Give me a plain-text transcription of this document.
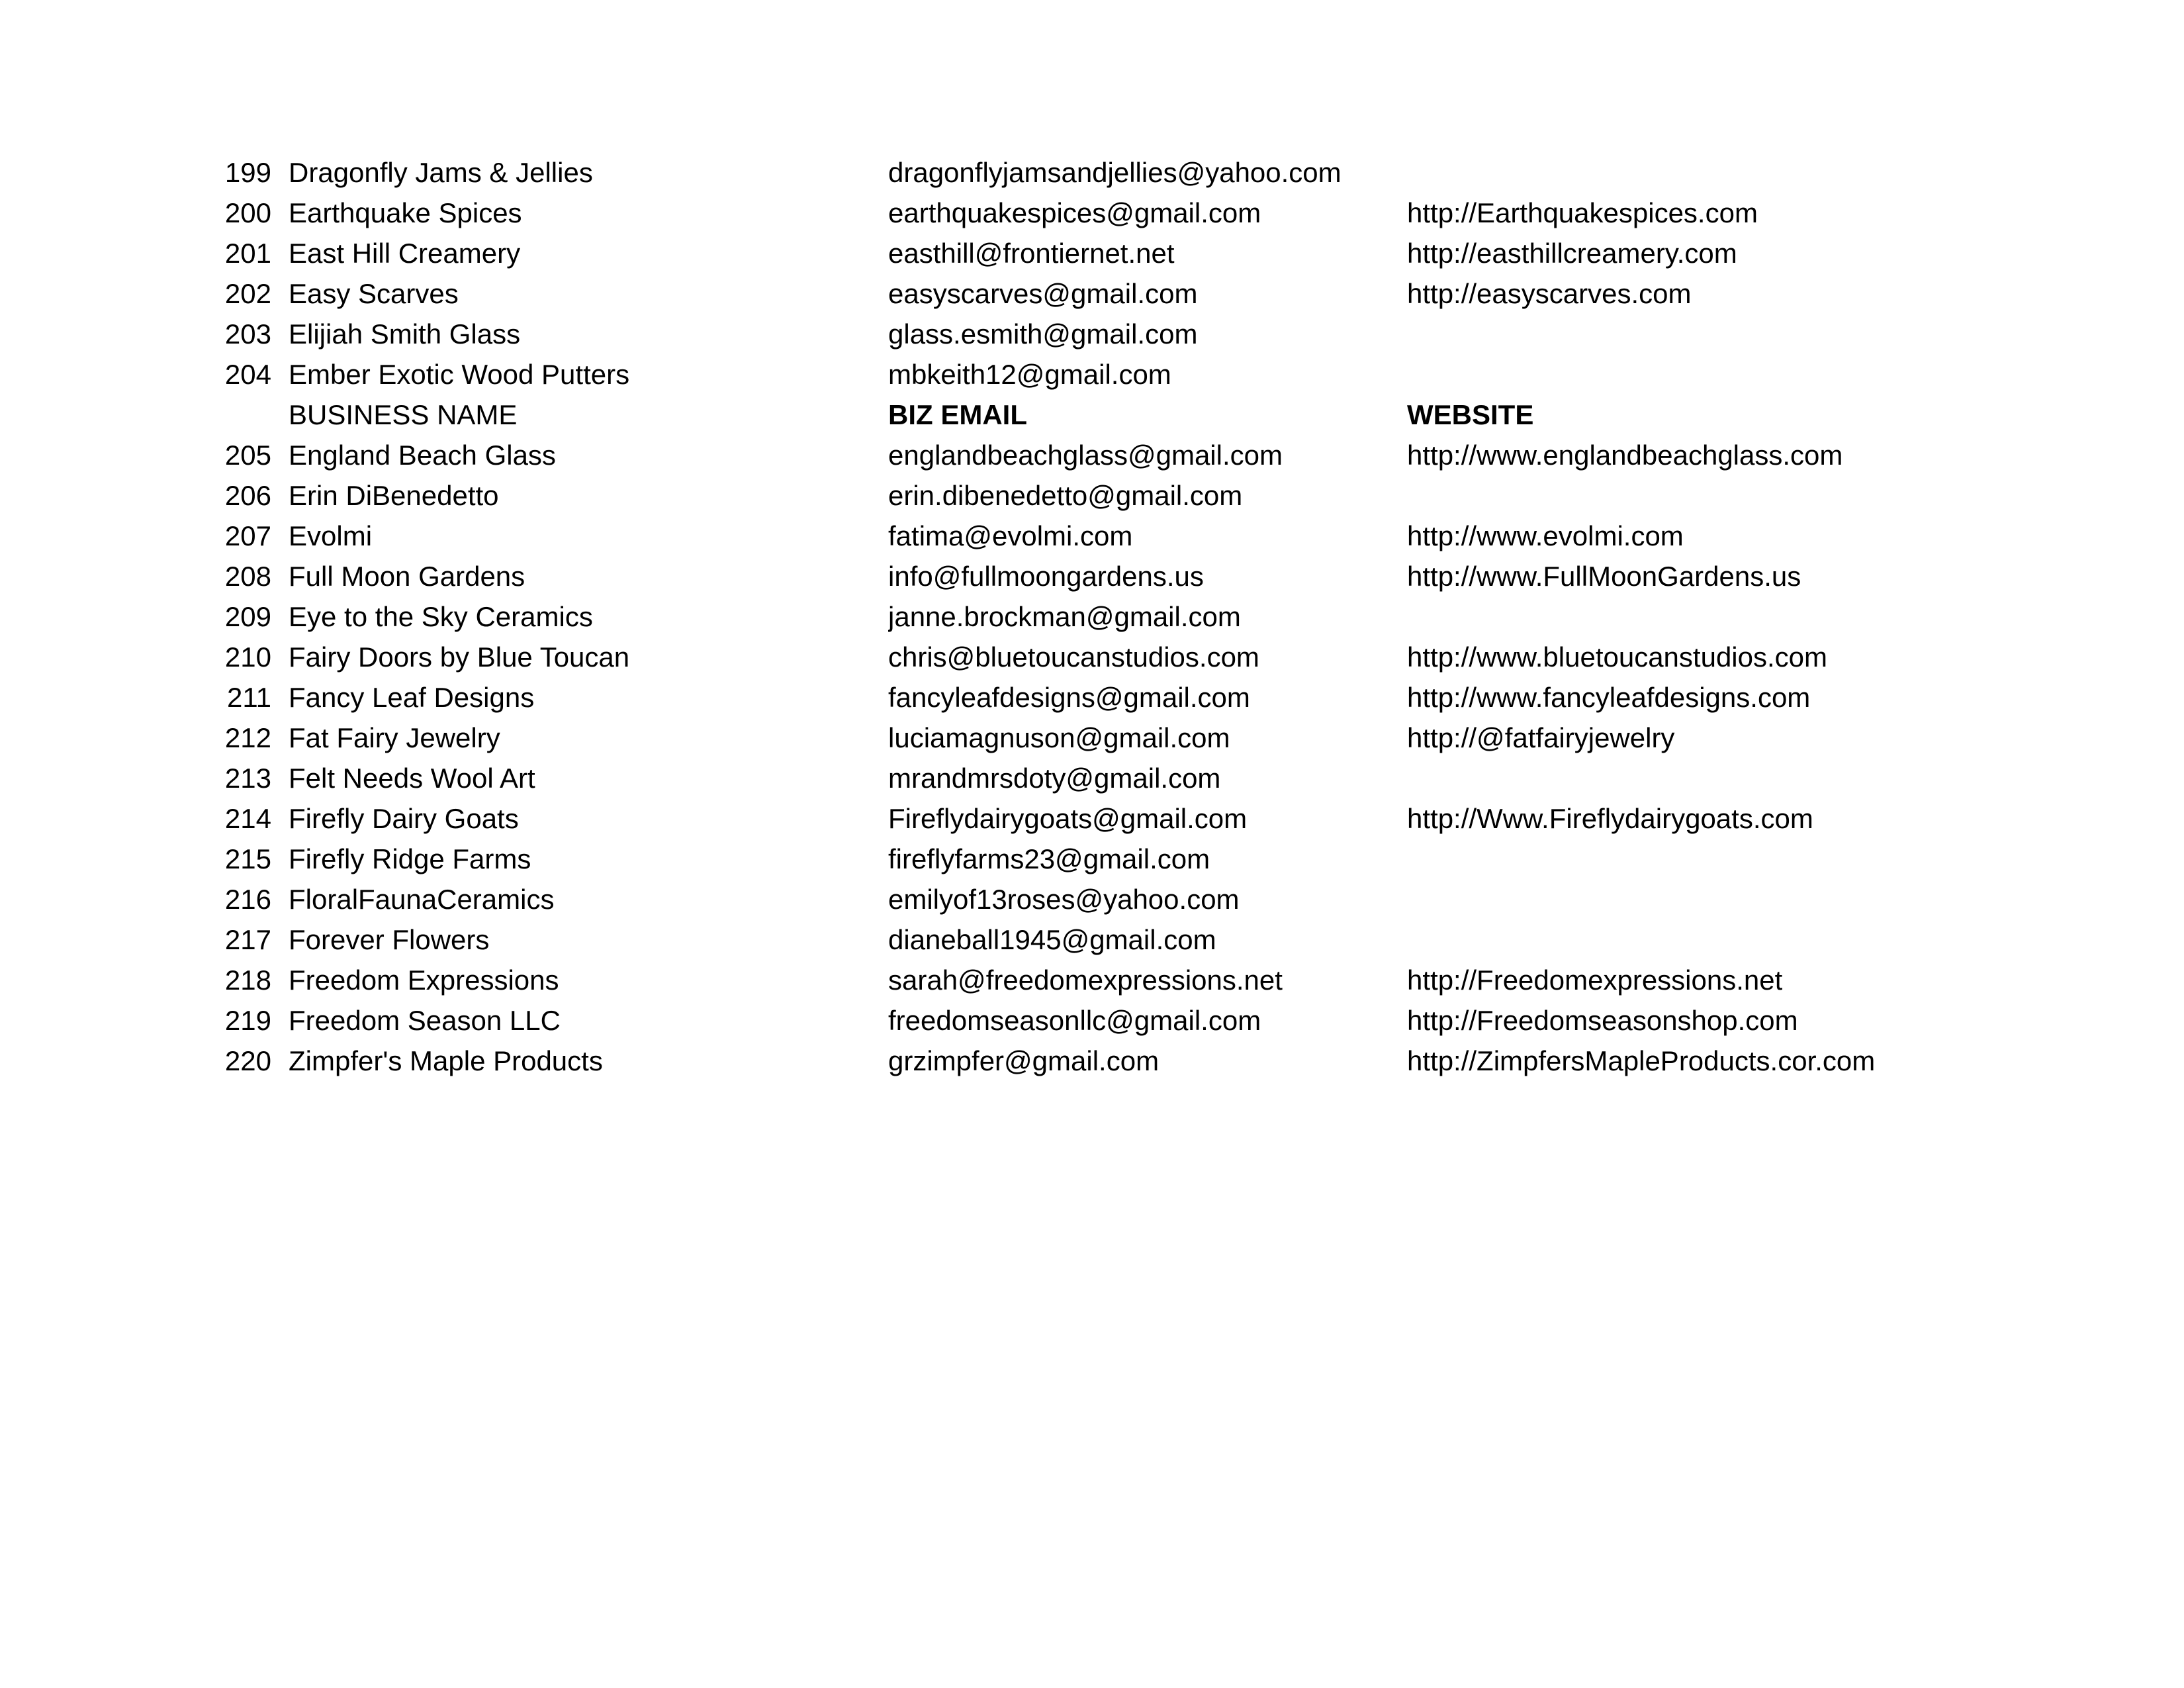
199 Dragonfly Jams & Jellies	dragonflyjamsandjellies@yahoo.com
200 Earthquake Spices	earthquakespices@gmail.com	http://Earthquakespices.com
201 East Hill Creamery	easthill@frontiernet.net	http://easthillcreamery.com
202 Easy Scarves	easyscarves@gmail.com	http://easyscarves.com
203 Elijiah Smith Glass	glass.esmith@gmail.com
204 Ember Exotic Wood Putters	mbkeith12@gmail.com
BUSINESS NAME	BIZ EMAIL	WEBSITE
205 England Beach Glass	englandbeachglass@gmail.com	http://www.englandbeachglass.com
206 Erin DiBenedetto	erin.dibenedetto@gmail.com
207 Evolmi	fatima@evolmi.com	http://www.evolmi.com
208 Full Moon Gardens	info@fullmoongardens.us	http://www.FullMoonGardens.us
209 Eye to the Sky Ceramics	janne.brockman@gmail.com
210 Fairy Doors by Blue Toucan	chris@bluetoucanstudios.com	http://www.bluetoucanstudios.com
211 Fancy Leaf Designs	fancyleafdesigns@gmail.com	http://www.fancyleafdesigns.com
212 Fat Fairy Jewelry	luciamagnuson@gmail.com	http://@fatfairyjewelry
213 Felt Needs Wool Art	mrandmrsdoty@gmail.com
214 Firefly Dairy Goats	Fireflydairygoats@gmail.com	http://Www.Fireflydairygoats.com
215 Firefly Ridge Farms	fireflyfarms23@gmail.com
216 FloralFaunaCeramics	emilyof13roses@yahoo.com
217 Forever Flowers	dianeball1945@gmail.com
218 Freedom Expressions	sarah@freedomexpressions.net	http://Freedomexpressions.net
219 Freedom Season LLC	freedomseasonllc@gmail.com	http://Freedomseasonshop.com
220 Zimpfer's Maple Products	grzimpfer@gmail.com	http://ZimpfersMapleProducts.cor.com
